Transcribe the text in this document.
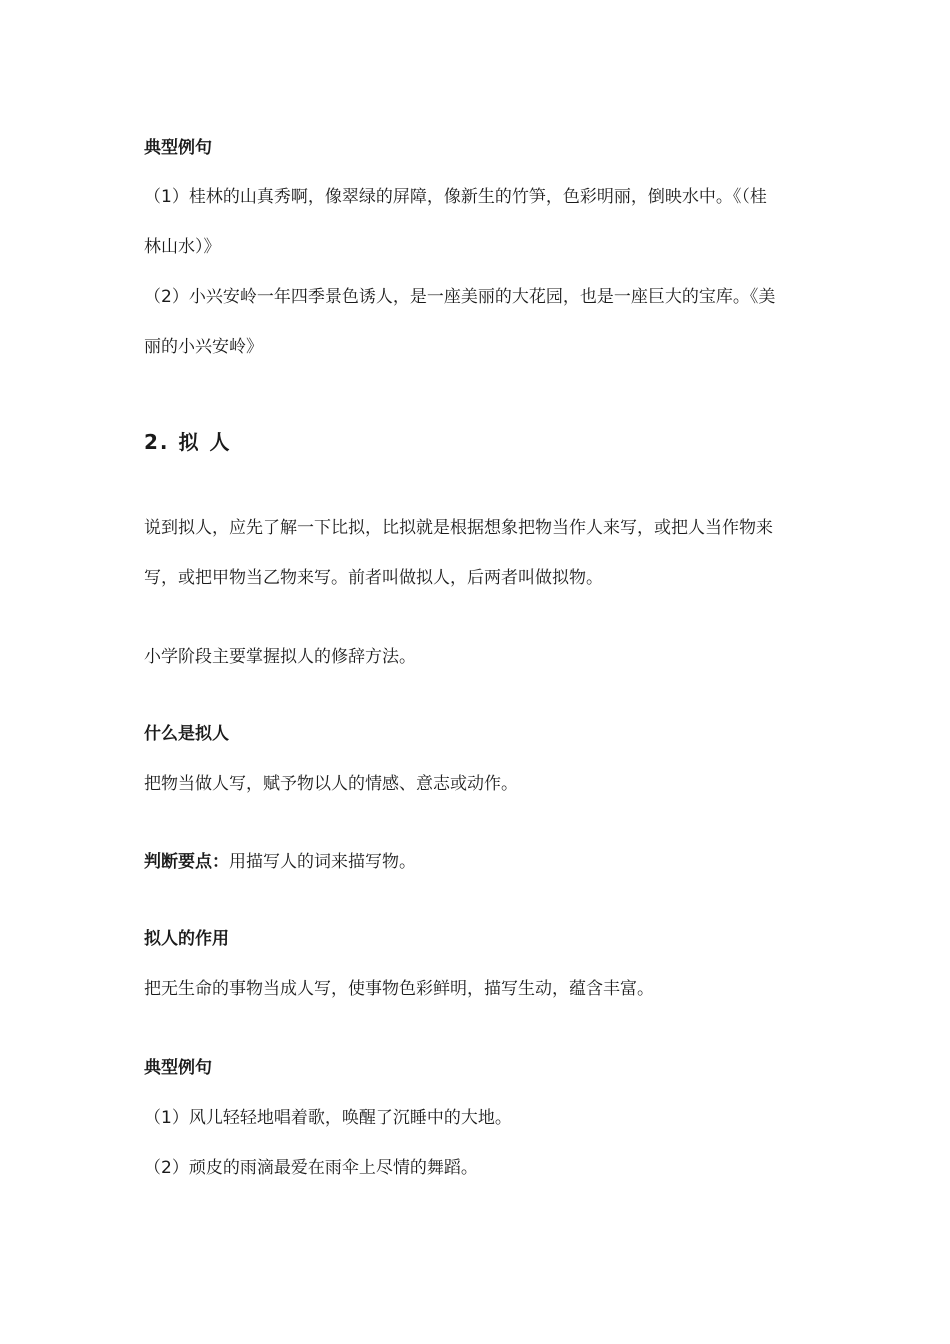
典型例句
（1）桂林的山真秀啊，像翠绿的屏障，像新生的竹笋，色彩明丽，倒映水中。《（桂
林山水）》
（2）小兴安岭一年四季景色诱人，是一座美丽的大花园，也是一座巨大的宝库。《美
丽的小兴安岭》
2. 拟 人
说到拟人，应先了解一下比拟，比拟就是根据想象把物当作人来写，或把人当作物来
写，或把甲物当乙物来写。前者叫做拟人，后两者叫做拟物。
小学阶段主要掌握拟人的修辞方法。
什么是拟人
把物当做人写，赋予物以人的情感、意志或动作。
判断要点：用描写人的词来描写物。
拟人的作用
把无生命的事物当成人写，使事物色彩鲜明，描写生动，蕴含丰富。
典型例句
（1）风儿轻轻地唱着歌，唤醒了沉睡中的大地。
（2）顽皮的雨滴最爱在雨伞上尽情的舞蹈。
